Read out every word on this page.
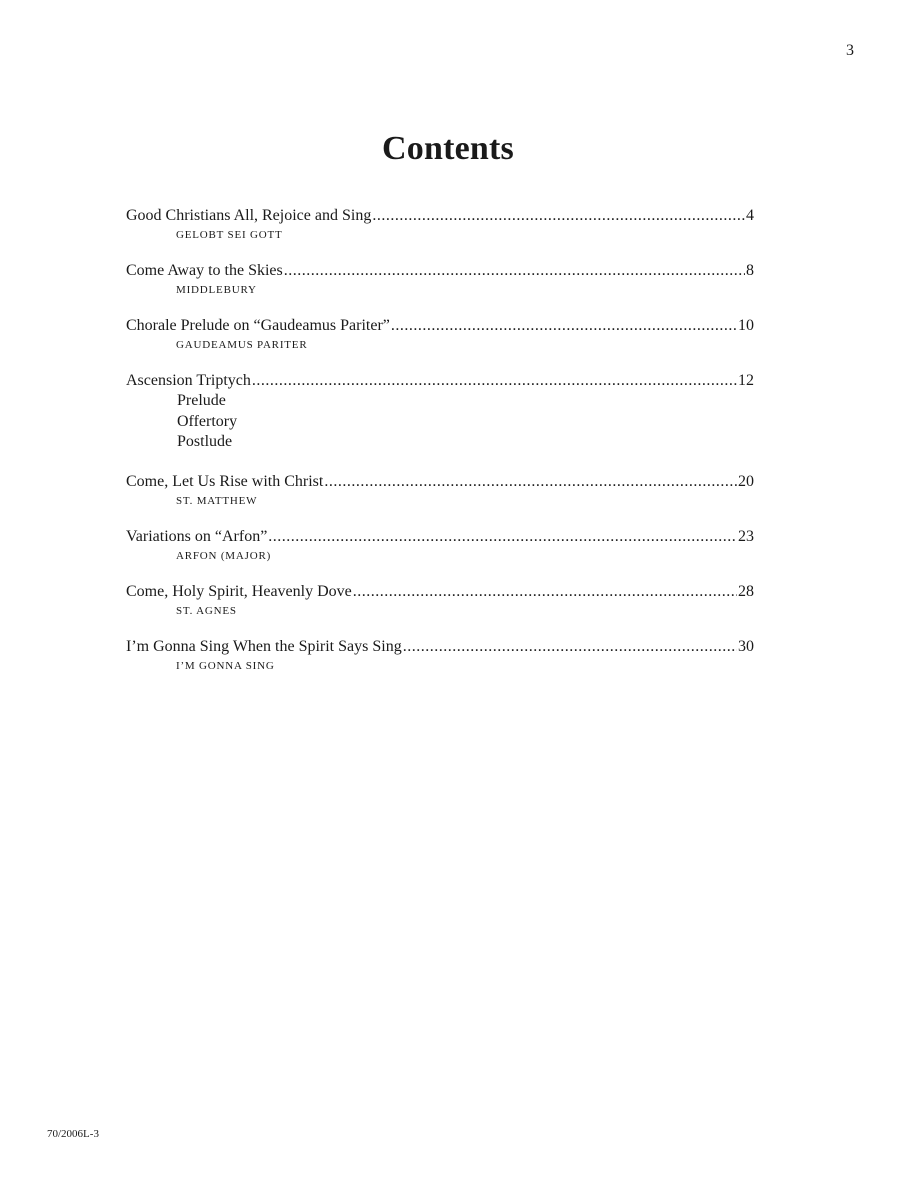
3
Contents
Good Christians All, Rejoice and Sing .....	4
GELOBT SEI GOTT
Come Away to the Skies .....	8
MIDDLEBURY
Chorale Prelude on “Gaudeamus Pariter” .....	10
GAUDEAMUS PARITER
Ascension Triptych .....	12
Prelude
Offertory
Postlude
Come, Let Us Rise with Christ .....	20
ST. MATTHEW
Variations on “Arfon” .....	23
ARFON (MAJOR)
Come, Holy Spirit, Heavenly Dove .....	28
ST. AGNES
I’m Gonna Sing When the Spirit Says Sing .....	30
I’M GONNA SING
70/2006L-3
